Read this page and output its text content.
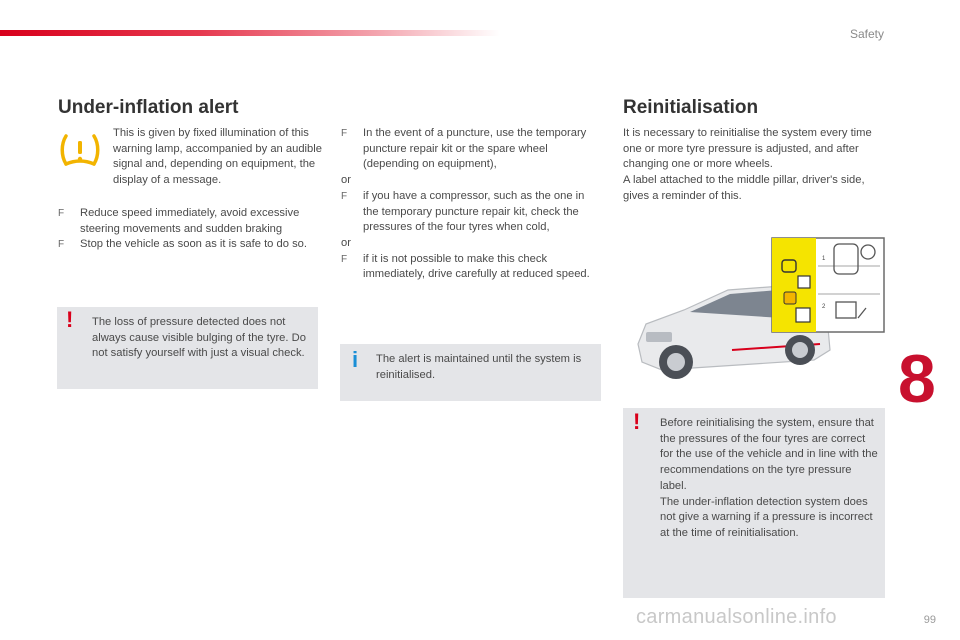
Safety
Under-inflation alert
This is given by fixed illumination of this warning lamp, accompanied by an audible signal and, depending on equipment, the display of a message.
F Reduce speed immediately, avoid excessive steering movements and sudden braking
F Stop the vehicle as soon as it is safe to do so.
! The loss of pressure detected does not always cause visible bulging of the tyre. Do not satisfy yourself with just a visual check.
F In the event of a puncture, use the temporary puncture repair kit or the spare wheel (depending on equipment),
or
F if you have a compressor, such as the one in the temporary puncture repair kit, check the pressures of the four tyres when cold,
or
F if it is not possible to make this check immediately, drive carefully at reduced speed.
i The alert is maintained until the system is reinitialised.
Reinitialisation
It is necessary to reinitialise the system every time one or more tyre pressure is adjusted, and after changing one or more wheels.
A label attached to the middle pillar, driver's side, gives a reminder of this.
1
2
! Before reinitialising the system, ensure that the pressures of the four tyres are correct for the use of the vehicle and in line with the recommendations on the tyre pressure label.
The under-inflation detection system does not give a warning if a pressure is incorrect at the time of reinitialisation.
8
99
carmanualsonline.info
